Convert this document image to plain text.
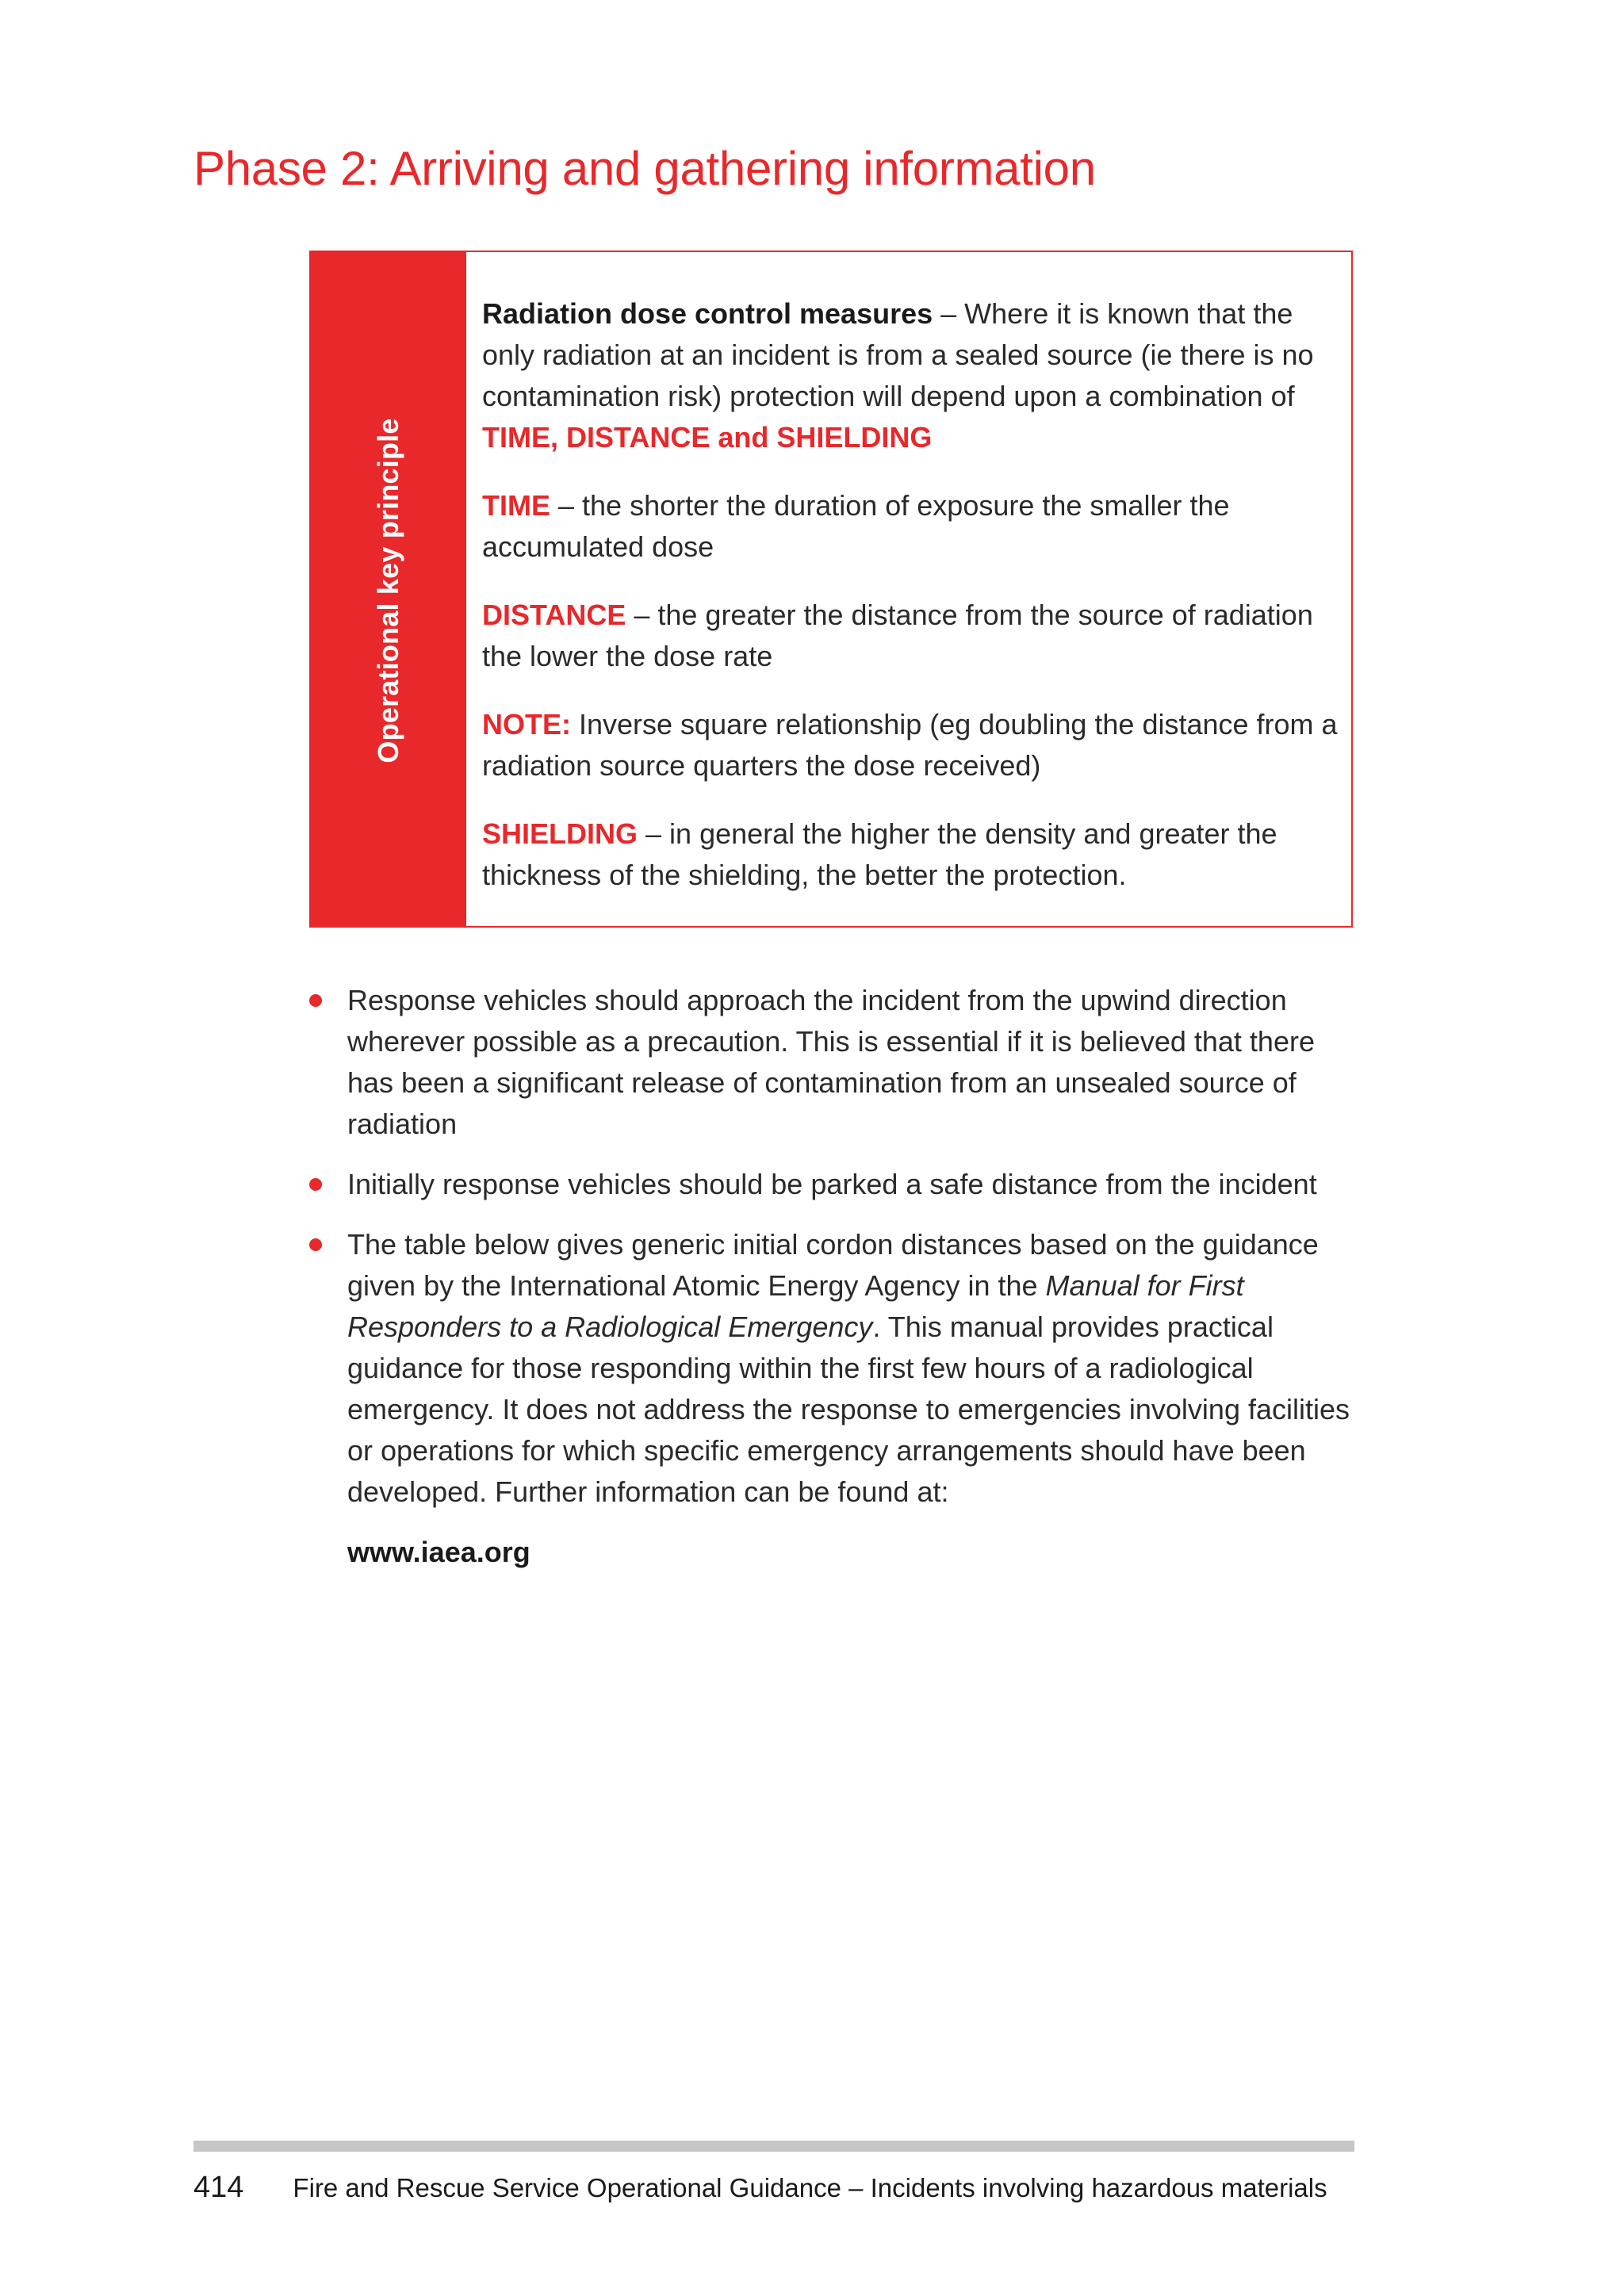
Phase 2: Arriving and gathering information
Operational key principle

Radiation dose control measures – Where it is known that the only radiation at an incident is from a sealed source (ie there is no contamination risk) protection will depend upon a combination of TIME, DISTANCE and SHIELDING

TIME – the shorter the duration of exposure the smaller the accumulated dose

DISTANCE – the greater the distance from the source of radiation the lower the dose rate

NOTE: Inverse square relationship (eg doubling the distance from a radiation source quarters the dose received)

SHIELDING – in general the higher the density and greater the thickness of the shielding, the better the protection.

Response vehicles should approach the incident from the upwind direction wherever possible as a precaution. This is essential if it is believed that there has been a significant release of contamination from an unsealed source of radiation
Initially response vehicles should be parked a safe distance from the incident
The table below gives generic initial cordon distances based on the guidance given by the International Atomic Energy Agency in the Manual for First Responders to a Radiological Emergency. This manual provides practical guidance for those responding within the first few hours of a radiological emergency. It does not address the response to emergencies involving facilities or operations for which specific emergency arrangements should have been developed. Further information can be found at:
www.iaea.org
414 Fire and Rescue Service Operational Guidance – Incidents involving hazardous materials
